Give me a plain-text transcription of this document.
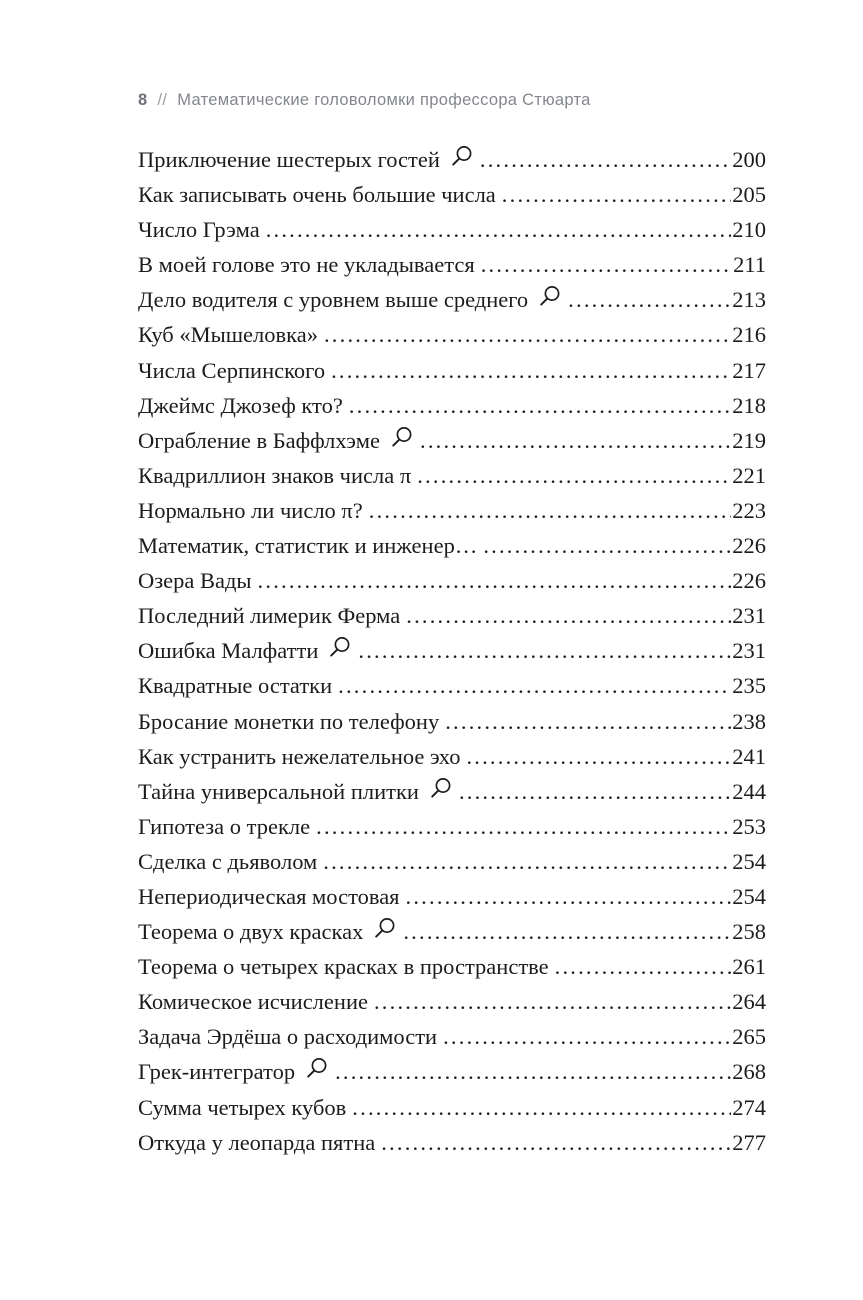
8 // Математические головоломки профессора Стюарта
Приключение шестерых гостей .....	200
Как записывать очень большие числа .....	205
Число Грэма .....	210
В моей голове это не укладывается .....	211
Дело водителя с уровнем выше среднего .....	213
Куб «Мышеловка» .....	216
Числа Серпинского .....	217
Джеймс Джозеф кто? .....	218
Ограбление в Баффлхэме .....	219
Квадриллион знаков числа π .....	221
Нормально ли число π? .....	223
Математик, статистик и инженер… .....	226
Озера Вады .....	226
Последний лимерик Ферма .....	231
Ошибка Малфатти .....	231
Квадратные остатки .....	235
Бросание монетки по телефону .....	238
Как устранить нежелательное эхо .....	241
Тайна универсальной плитки .....	244
Гипотеза о трекле .....	253
Сделка с дьяволом .....	254
Непериодическая мостовая .....	254
Теорема о двух красках .....	258
Теорема о четырех красках в пространстве .....	261
Комическое исчисление .....	264
Задача Эрдёша о расходимости .....	265
Грек-интегратор .....	268
Сумма четырех кубов .....	274
Откуда у леопарда пятна .....	277
